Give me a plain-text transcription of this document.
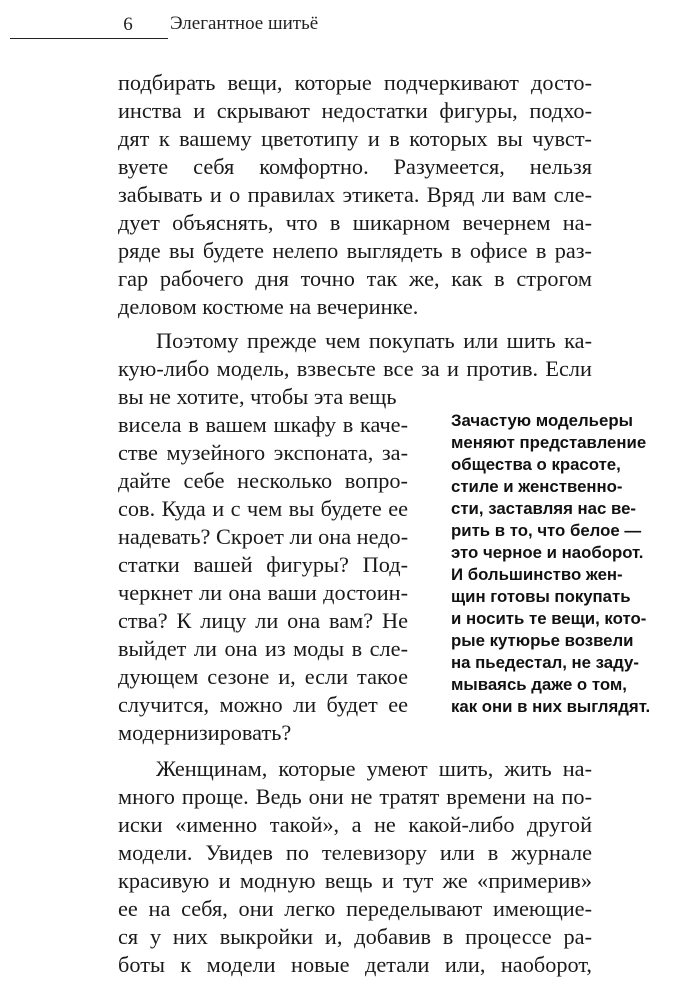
6	Элегантное шитьё
подбирать вещи, которые подчеркивают досто-
инства и скрывают недостатки фигуры, подхо-
дят к вашему цветотипу и в которых вы чувст-
вуете себя комфортно. Разумеется, нельзя
забывать и о правилах этикета. Вряд ли вам сле-
дует объяснять, что в шикарном вечернем на-
ряде вы будете нелепо выглядеть в офисе в раз-
гар рабочего дня точно так же, как в строгом
деловом костюме на вечеринке.
Поэтому прежде чем покупать или шить ка-
кую-либо модель, взвесьте все за и против. Если
вы не хотите, чтобы эта вещь
висела в вашем шкафу в каче-
стве музейного экспоната, за-
дайте себе несколько вопро-
сов. Куда и с чем вы будете ее
надевать? Скроет ли она недо-
статки вашей фигуры? Под-
черкнет ли она ваши достоин-
ства? К лицу ли она вам? Не
выйдет ли она из моды в сле-
дующем сезоне и, если такое
случится, можно ли будет ее
модернизировать?
Женщинам, которые умеют шить, жить на-
много проще. Ведь они не тратят времени на по-
иски «именно такой», а не какой-либо другой
модели. Увидев по телевизору или в журнале
красивую и модную вещь и тут же «примерив»
ее на себя, они легко переделывают имеющие-
ся у них выкройки и, добавив в процессе ра-
боты к модели новые детали или, наоборот,
Зачастую модельеры
меняют представление
общества о красоте,
стиле и женственно-
сти, заставляя нас ве-
рить в то, что белое —
это черное и наоборот.
И большинство жен-
щин готовы покупать
и носить те вещи, кото-
рые кутюрье возвели
на пьедестал, не заду-
мываясь даже о том,
как они в них выглядят.
